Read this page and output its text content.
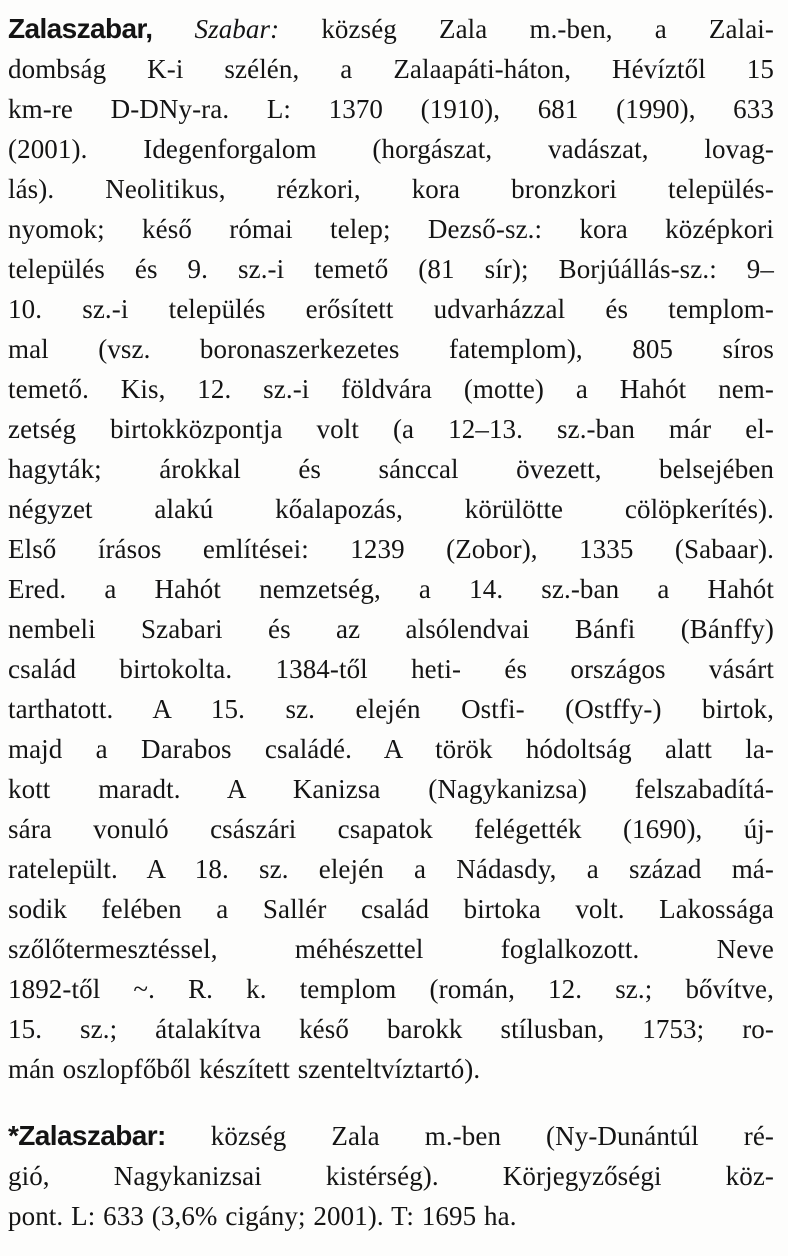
Zalaszabar, Szabar: község Zala m.-ben, a Zalai-
dombság K-i szélén, a Zalaapáti-háton, Hévíztől 15
km-re D-DNy-ra. L: 1370 (1910), 681 (1990), 633
(2001). Idegenforgalom (horgászat, vadászat, lovag-
lás). Neolitikus, rézkori, kora bronzkori település-
nyomok; késő római telep; Dezső-sz.: kora középkori
település és 9. sz.-i temető (81 sír); Borjúállás-sz.: 9–
10. sz.-i település erősített udvarházzal és templom-
mal (vsz. boronaszerkezetes fatemplom), 805 síros
temető. Kis, 12. sz.-i földvára (motte) a Hahót nem-
zetség birtokközpontja volt (a 12–13. sz.-ban már el-
hagyták; árokkal és sánccal övezett, belsejében
négyzet alakú kőalapozás, körülötte cölöpkerítés).
Első írásos említései: 1239 (Zobor), 1335 (Sabaar).
Ered. a Hahót nemzetség, a 14. sz.-ban a Hahót
nembeli Szabari és az alsólendvai Bánfi (Bánffy)
család birtokolta. 1384-től heti- és országos vásárt
tarthatott. A 15. sz. elején Ostfi- (Ostffy-) birtok,
majd a Darabos családé. A török hódoltság alatt la-
kott maradt. A Kanizsa (Nagykanizsa) felszabadítá-
sára vonuló császári csapatok felégették (1690), új-
ratelepült. A 18. sz. elején a Nádasdy, a század má-
sodik felében a Sallér család birtoka volt. Lakossága
szőlőtermesztéssel, méhészettel foglalkozott. Neve
1892-től ~. R. k. templom (román, 12. sz.; bővítve,
15. sz.; átalakítva késő barokk stílusban, 1753; ro-
mán oszlopfőből készített szenteltvíztartó).
*Zalaszabar: község Zala m.-ben (Ny-Dunántúl ré-
gió, Nagykanizsai kistérség). Körjegyzőségi köz-
pont. L: 633 (3,6% cigány; 2001). T: 1695 ha.
